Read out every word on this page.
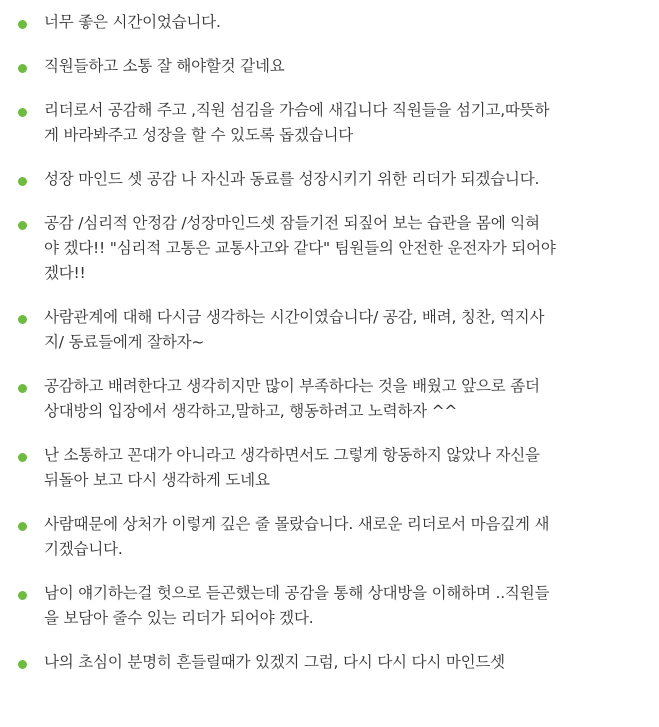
너무 좋은 시간이었습니다.
직원들하고 소통 잘 해야할것 같네요
리더로서 공감해 주고 ,직원 섬김을 가슴에 새깁니다 직원들을 섬기고,따뜻하
게 바라봐주고 성장을 할 수 있도록 돕겠습니다
성장 마인드 셋 공감 나 자신과 동료를 성장시키기 위한 리더가 되겠습니다.
공감 /심리적 안정감 /성장마인드셋 잠들기전 되짚어 보는 습관을 몸에 익혀
야 겠다!! "심리적 고통은 교통사고와 같다" 팀원들의 안전한 운전자가 되어야
겠다!!
사람관계에 대해 다시금 생각하는 시간이였습니다/ 공감, 배려, 칭찬, 역지사
지/ 동료들에게 잘하자~
공감하고 배려한다고 생각히지만 많이 부족하다는 것을 배웠고 앞으로 좀더
상대방의 입장에서 생각하고,말하고, 행동하려고 노력하자 ^^
난 소통하고 꼰대가 아니라고 생각하면서도 그렇게 항동하지 않았나 자신을
뒤돌아 보고 다시 생각하게 도네요
사람때문에 상처가 이렇게 깊은 줄 몰랐습니다. 새로운 리더로서 마음깊게 새
기겠습니다.
남이 얘기하는걸 헛으로 듣곤했는데 공감을 통해 상대방을 이해하며 ..직원들
을 보담아 줄수 있는 리더가 되어야 겠다.
나의 초심이 분명히 흔들릴때가 있겠지 그럼, 다시 다시 다시 마인드셋
